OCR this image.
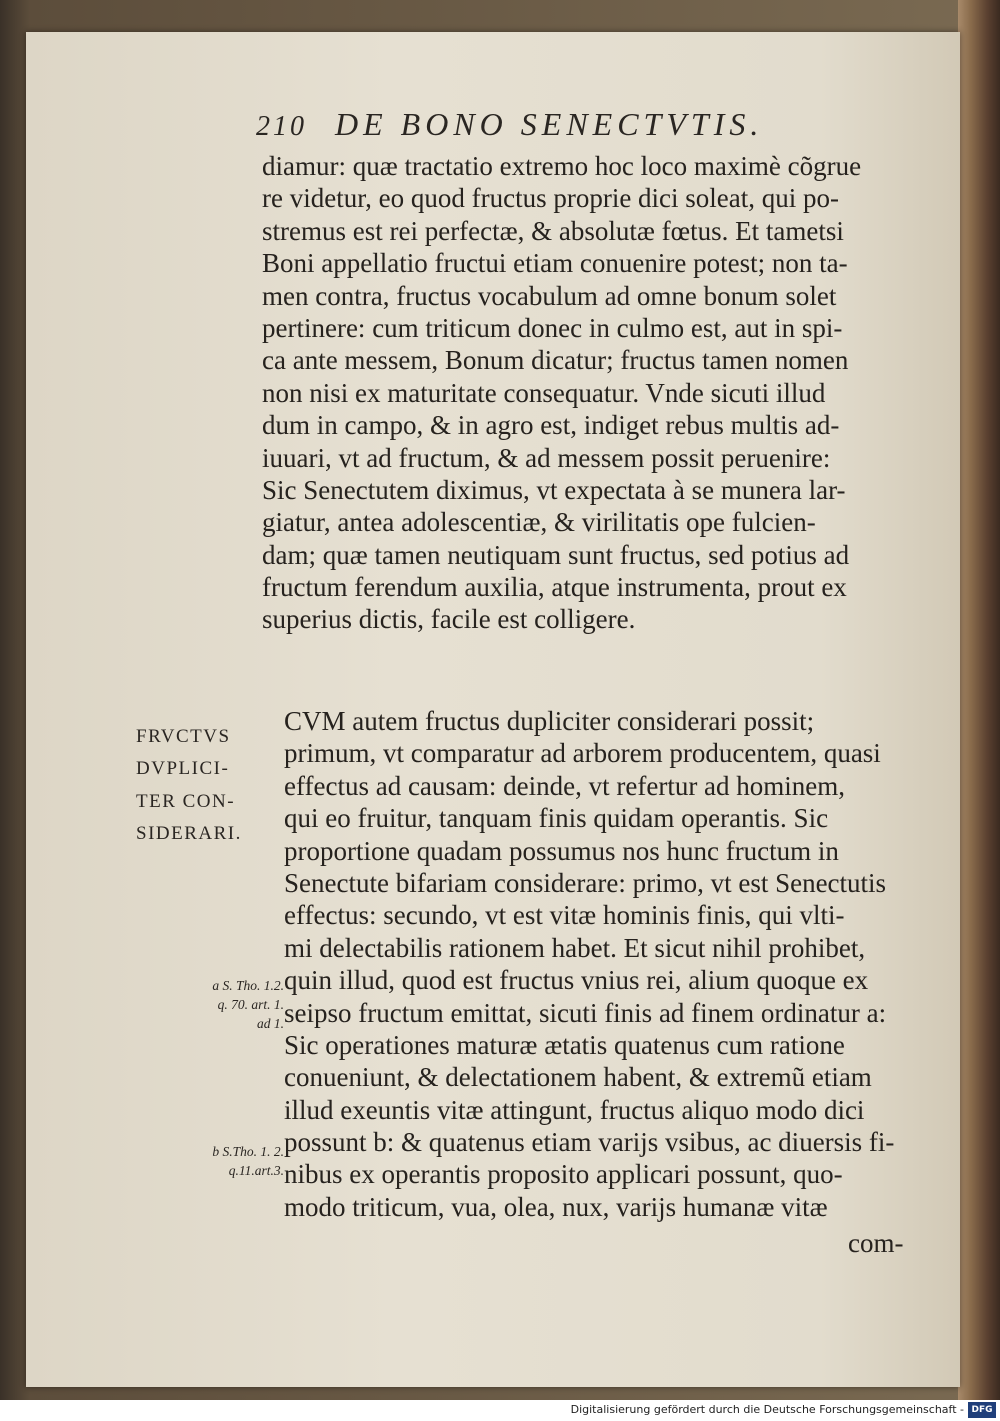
210 DE BONO SENECTVTIS.
diamur: quæ tractatio extremo hoc loco maximè cõgrue
re videtur, eo quod fructus proprie dici soleat, qui po-
stremus est rei perfectæ, & absolutæ fœtus. Et tametsi
Boni appellatio fructui etiam conuenire potest; non ta-
men contra, fructus vocabulum ad omne bonum solet
pertinere: cum triticum donec in culmo est, aut in spi-
ca ante messem, Bonum dicatur; fructus tamen nomen
non nisi ex maturitate consequatur. Vnde sicuti illud
dum in campo, & in agro est, indiget rebus multis ad-
iuuari, vt ad fructum, & ad messem possit peruenire:
Sic Senectutem diximus, vt expectata à se munera lar-
giatur, antea adolescentiæ, & virilitatis ope fulcien-
dam; quæ tamen neutiquam sunt fructus, sed potius ad
fructum ferendum auxilia, atque instrumenta, prout ex
superius dictis, facile est colligere.
FRVCTVS
DVPLICI-
TER CON-
SIDERARI.
CVM autem fructus dupliciter considerari possit;
primum, vt comparatur ad arborem producentem, quasi
effectus ad causam: deinde, vt refertur ad hominem,
qui eo fruitur, tanquam finis quidam operantis. Sic
proportione quadam possumus nos hunc fructum in
Senectute bifariam considerare: primo, vt est Senectutis
effectus: secundo, vt est vitæ hominis finis, qui vlti-
mi delectabilis rationem habet. Et sicut nihil prohibet,
quin illud, quod est fructus vnius rei, alium quoque ex
seipso fructum emittat, sicuti finis ad finem ordinatur a:
Sic operationes maturæ ætatis quatenus cum ratione
conueniunt, & delectationem habent, & extremũ etiam
illud exeuntis vitæ attingunt, fructus aliquo modo dici
possunt b: & quatenus etiam varijs vsibus, ac diuersis fi-
nibus ex operantis proposito applicari possunt, quo-
modo triticum, vua, olea, nux, varijs humanæ vitæ
a S. Tho. 1.2.
q. 70. art. 1.
ad 1.
b S.Tho. 1. 2.
q.11.art.3.
com-
Digitalisierung gefördert durch die Deutsche Forschungsgemeinschaft - DFG
